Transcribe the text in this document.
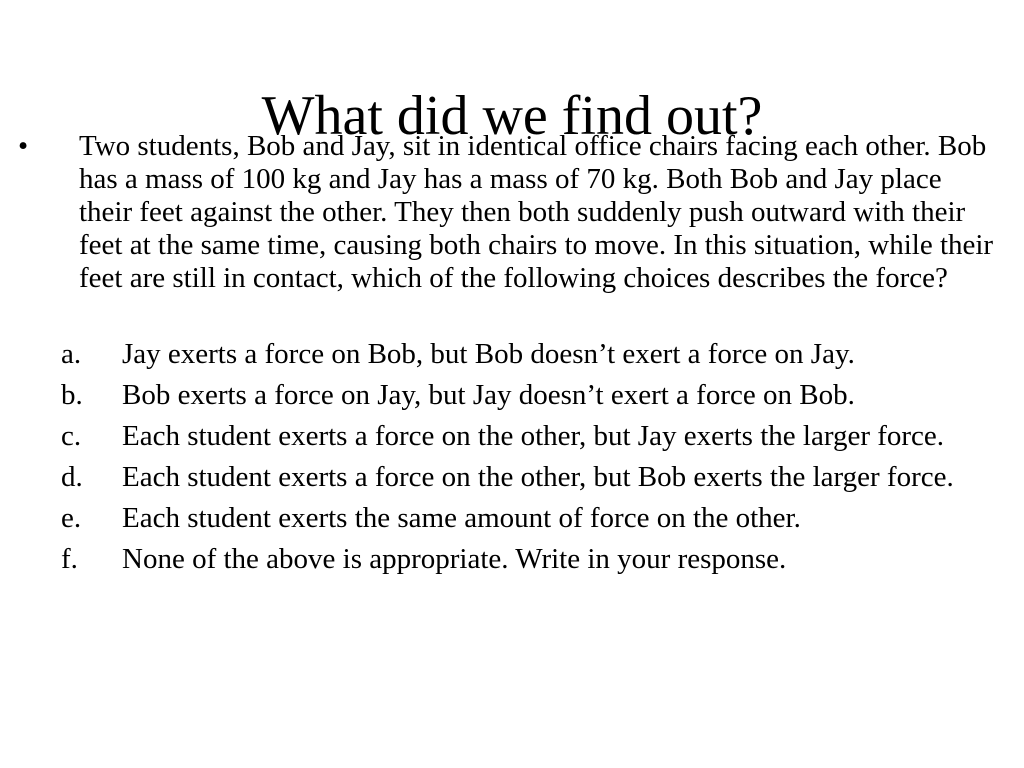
•	Two students, Bob and Jay, sit in identical office chairs facing each other. Bob has a mass of 100 kg and Jay has a mass of 70 kg. Both Bob and Jay place their feet against the other. They then both suddenly push outward with their feet at the same time, causing both chairs to move. In this situation, while their feet are still in contact, which of the following choices describes the force?
What did we find out?
a.	Jay exerts a force on Bob, but Bob doesn’t exert a force on Jay.
b.	Bob exerts a force on Jay, but Jay doesn’t exert a force on Bob.
c.	Each student exerts a force on the other, but Jay exerts the larger force.
d.	Each student exerts a force on the other, but Bob exerts the larger force.
e.	Each student exerts the same amount of force on the other.
f.	None of the above is appropriate. Write in your response.
